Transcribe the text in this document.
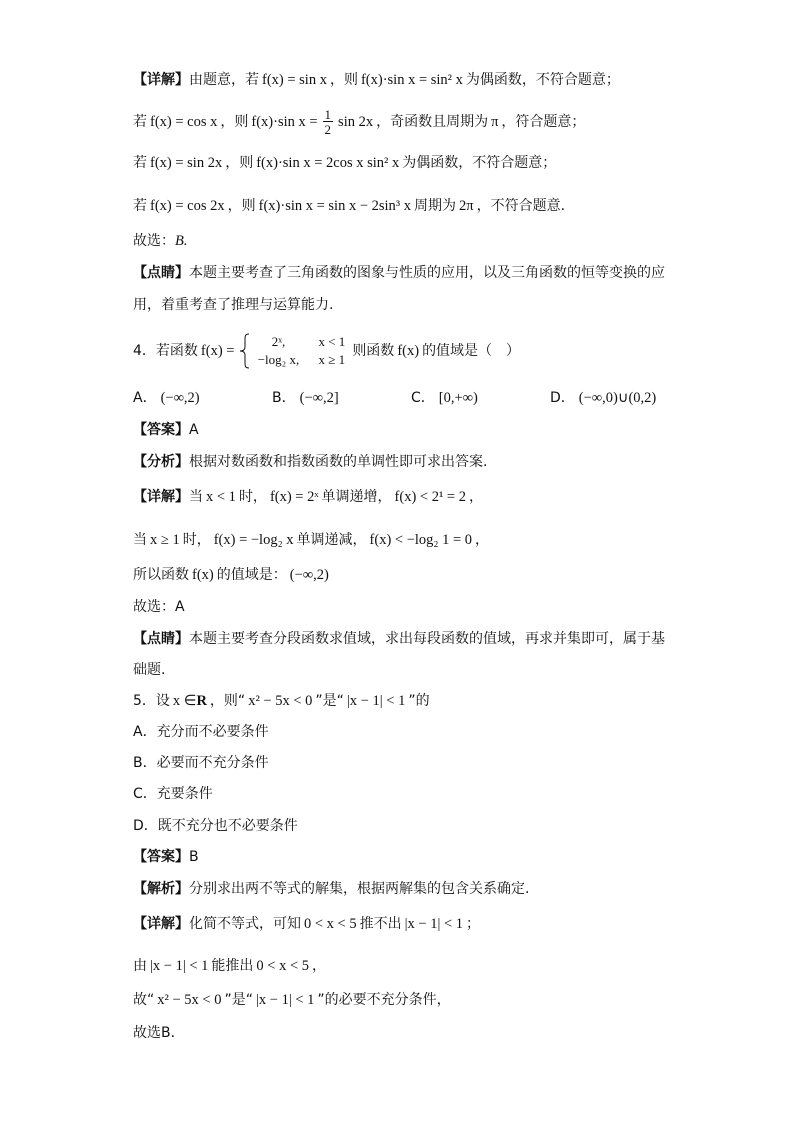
【详解】由题意，若 f(x) = sin x ，则 f(x)·sin x = sin² x 为偶函数，不符合题意；
若 f(x) = cos x ，则 f(x)·sin $x = \frac{1}{2}$ sin 2x ，奇函数且周期为 π ，符合题意；
若 f(x) = sin 2x ，则 f(x)·sin x = 2cos x sin² x 为偶函数，不符合题意；
若 f(x) = cos 2x ，则 f(x)·sin x = sin x − 2sin³ x 周期为 2π ，不符合题意.
故选：B.
【点睛】本题主要考查了三角函数的图象与性质的应用，以及三角函数的恒等变换的应
用，着重考查了推理与运算能力.
4．若函数 f(x) =2ˣ,	x < 1
−log₂ x,	x ≥ 1则函数 f(x) 的值域是（　）
A． (−∞,2)	B． (−∞,2]	C． [0,+∞)	D． (−∞,0)∪(0,2)
【答案】A
【分析】根据对数函数和指数函数的单调性即可求出答案.
【详解】当 x < 1 时， f(x) = 2ˣ 单调递增， f(x) < 2¹ = 2 ，
当 x ≥ 1 时， f(x) = −log₂ x 单调递减， f(x) < −log₂ 1 = 0 ，
所以函数 f(x) 的值域是： (−∞,2)
故选：A
【点睛】本题主要考查分段函数求值域，求出每段函数的值域，再求并集即可，属于基
础题.
5．设 x ∈R ，则“ x² − 5x < 0 ”是“ |x − 1| < 1 ”的
A．充分而不必要条件
B．必要而不充分条件
C．充要条件
D．既不充分也不必要条件
【答案】B
【解析】分别求出两不等式的解集，根据两解集的包含关系确定.
【详解】化简不等式，可知 0 < x < 5 推不出 |x − 1| < 1 ；
由 |x − 1| < 1 能推出 0 < x < 5 ，
故“ x² − 5x < 0 ”是“ |x − 1| < 1 ”的必要不充分条件，
故选B．
